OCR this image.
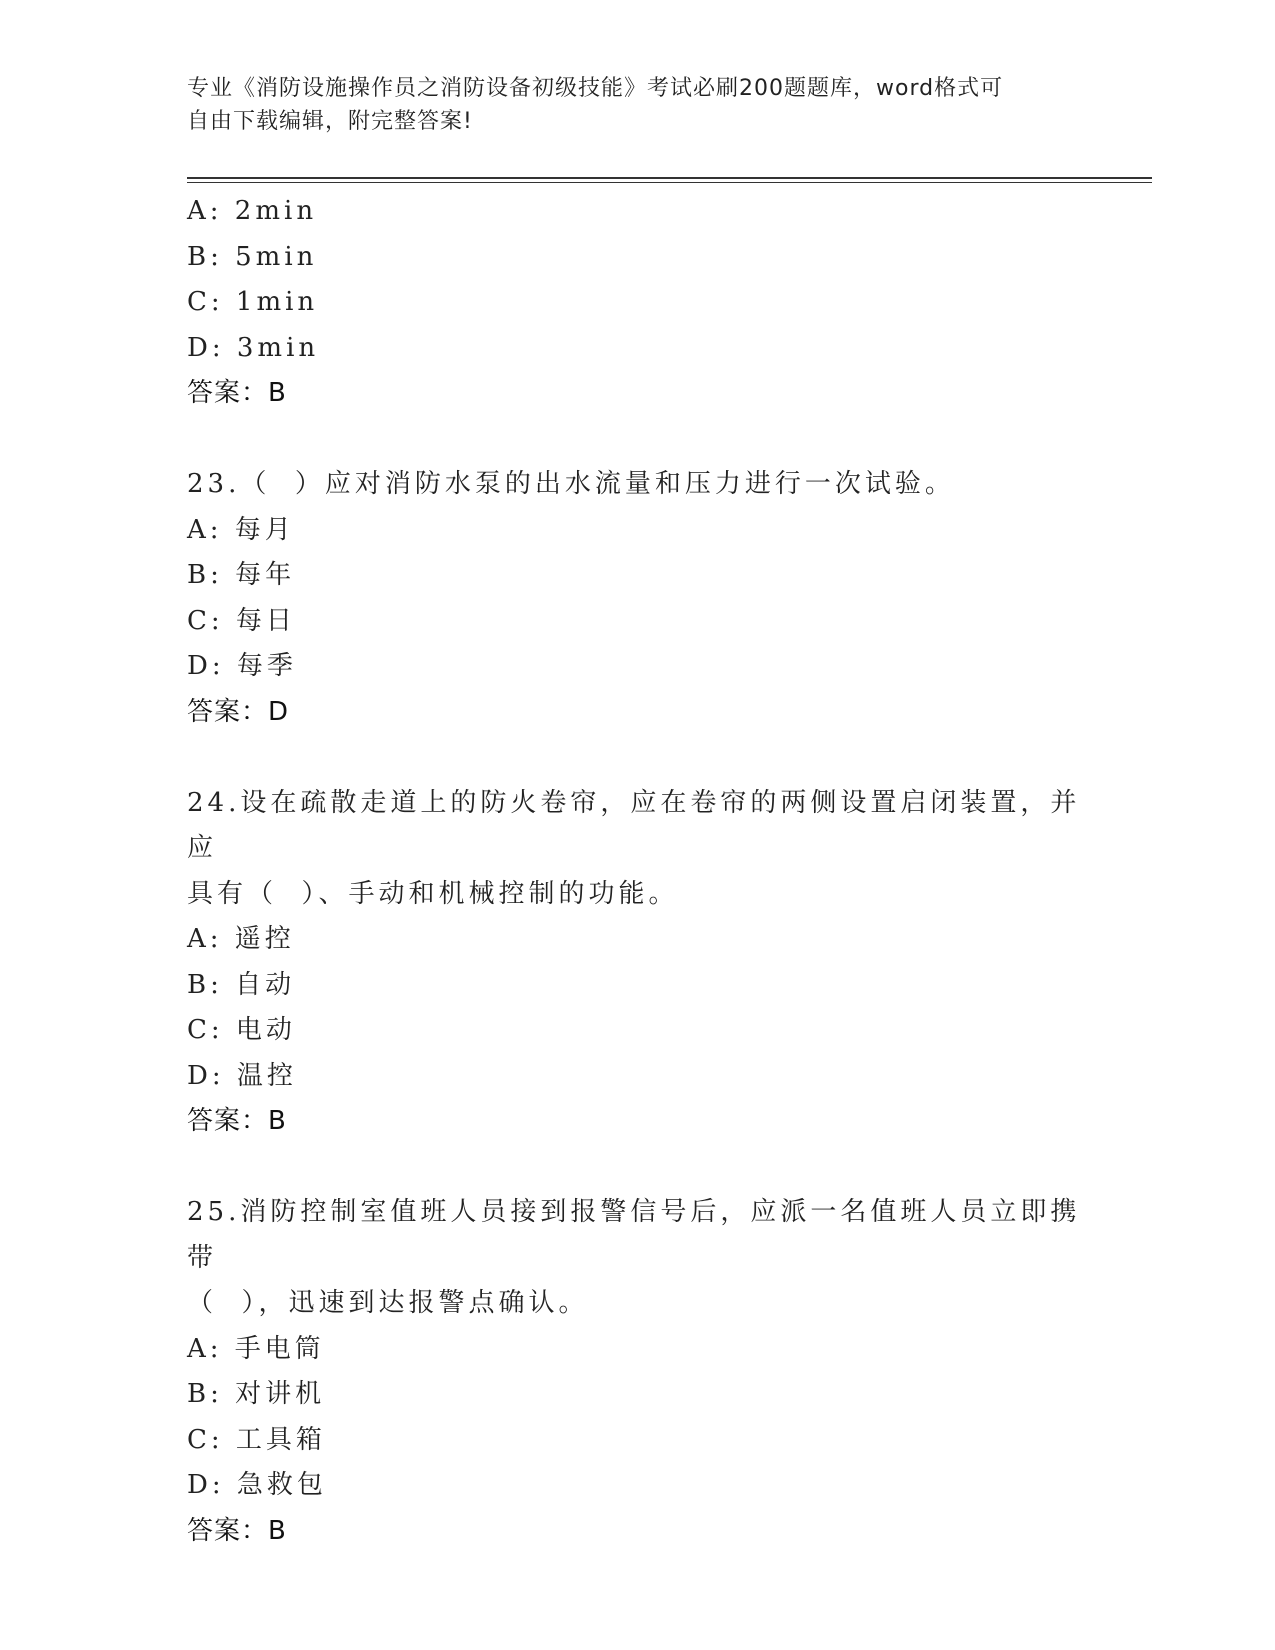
专业《消防设施操作员之消防设备初级技能》考试必刷200题题库，word格式可
自由下载编辑，附完整答案!
A: 2min
B: 5min
C: 1min
D: 3min
答案：B
23.（  ）应对消防水泵的出水流量和压力进行一次试验。
A: 每月
B: 每年
C: 每日
D: 每季
答案：D
24.设在疏散走道上的防火卷帘，应在卷帘的两侧设置启闭装置，并应
具有（  ）、手动和机械控制的功能。
A: 遥控
B: 自动
C: 电动
D: 温控
答案：B
25.消防控制室值班人员接到报警信号后，应派一名值班人员立即携带
（  ），迅速到达报警点确认。
A: 手电筒
B: 对讲机
C: 工具箱
D: 急救包
答案：B
